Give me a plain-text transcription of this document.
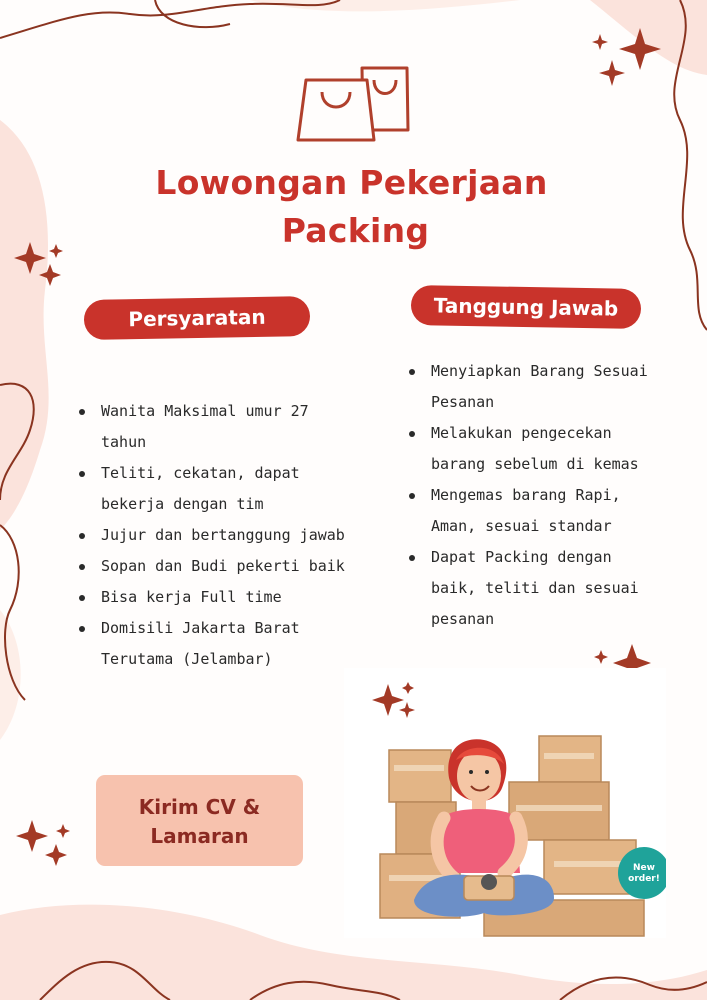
Lowongan Pekerjaan
Packing
Persyaratan	Tanggung Jawab
Wanita Maksimal umur 27 tahun
Teliti, cekatan, dapat bekerja dengan tim
Jujur dan bertanggung jawab
Sopan dan Budi pekerti baik
Bisa kerja Full time
Domisili Jakarta Barat Terutama (Jelambar)
Menyiapkan Barang Sesuai Pesanan
Melakukan pengecekan barang sebelum di kemas
Mengemas barang Rapi, Aman, sesuai standar
Dapat Packing dengan baik, teliti dan sesuai pesanan
Kirim CV &
Lamaran
New
order!
